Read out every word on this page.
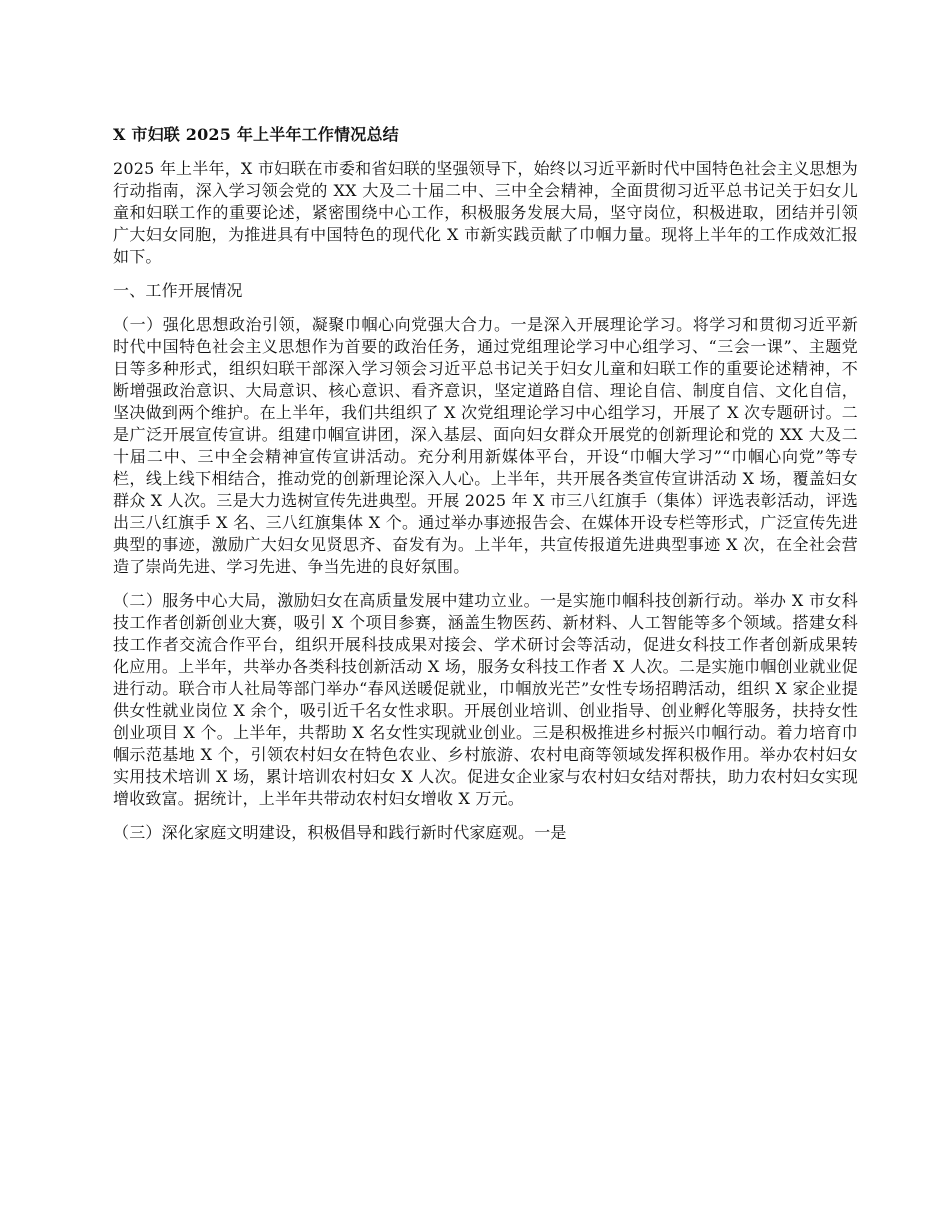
X 市妇联 2025 年上半年工作情况总结
2025 年上半年，X 市妇联在市委和省妇联的坚强领导下，始终以习近平新时代中国特色社会主义思想为行动指南，深入学习领会党的 XX 大及二十届二中、三中全会精神，全面贯彻习近平总书记关于妇女儿童和妇联工作的重要论述，紧密围绕中心工作，积极服务发展大局，坚守岗位，积极进取，团结并引领广大妇女同胞，为推进具有中国特色的现代化 X 市新实践贡献了巾帼力量。现将上半年的工作成效汇报如下。
一、工作开展情况
（一）强化思想政治引领，凝聚巾帼心向党强大合力。一是深入开展理论学习。将学习和贯彻习近平新时代中国特色社会主义思想作为首要的政治任务，通过党组理论学习中心组学习、“三会一课”、主题党日等多种形式，组织妇联干部深入学习领会习近平总书记关于妇女儿童和妇联工作的重要论述精神，不断增强政治意识、大局意识、核心意识、看齐意识，坚定道路自信、理论自信、制度自信、文化自信，坚决做到两个维护。在上半年，我们共组织了 X 次党组理论学习中心组学习，开展了 X 次专题研讨。二是广泛开展宣传宣讲。组建巾帼宣讲团，深入基层、面向妇女群众开展党的创新理论和党的 XX 大及二十届二中、三中全会精神宣传宣讲活动。充分利用新媒体平台，开设“巾帼大学习”“巾帼心向党”等专栏，线上线下相结合，推动党的创新理论深入人心。上半年，共开展各类宣传宣讲活动 X 场，覆盖妇女群众 X 人次。三是大力选树宣传先进典型。开展 2025 年 X 市三八红旗手（集体）评选表彰活动，评选出三八红旗手 X 名、三八红旗集体 X 个。通过举办事迹报告会、在媒体开设专栏等形式，广泛宣传先进典型的事迹，激励广大妇女见贤思齐、奋发有为。上半年，共宣传报道先进典型事迹 X 次，在全社会营造了崇尚先进、学习先进、争当先进的良好氛围。
（二）服务中心大局，激励妇女在高质量发展中建功立业。一是实施巾帼科技创新行动。举办 X 市女科技工作者创新创业大赛，吸引 X 个项目参赛，涵盖生物医药、新材料、人工智能等多个领域。搭建女科技工作者交流合作平台，组织开展科技成果对接会、学术研讨会等活动，促进女科技工作者创新成果转化应用。上半年，共举办各类科技创新活动 X 场，服务女科技工作者 X 人次。二是实施巾帼创业就业促进行动。联合市人社局等部门举办“春风送暖促就业，巾帼放光芒”女性专场招聘活动，组织 X 家企业提供女性就业岗位 X 余个，吸引近千名女性求职。开展创业培训、创业指导、创业孵化等服务，扶持女性创业项目 X 个。上半年，共帮助 X 名女性实现就业创业。三是积极推进乡村振兴巾帼行动。着力培育巾帼示范基地 X 个，引领农村妇女在特色农业、乡村旅游、农村电商等领域发挥积极作用。举办农村妇女实用技术培训 X 场，累计培训农村妇女 X 人次。促进女企业家与农村妇女结对帮扶，助力农村妇女实现增收致富。据统计，上半年共带动农村妇女增收 X 万元。
（三）深化家庭文明建设，积极倡导和践行新时代家庭观。一是
